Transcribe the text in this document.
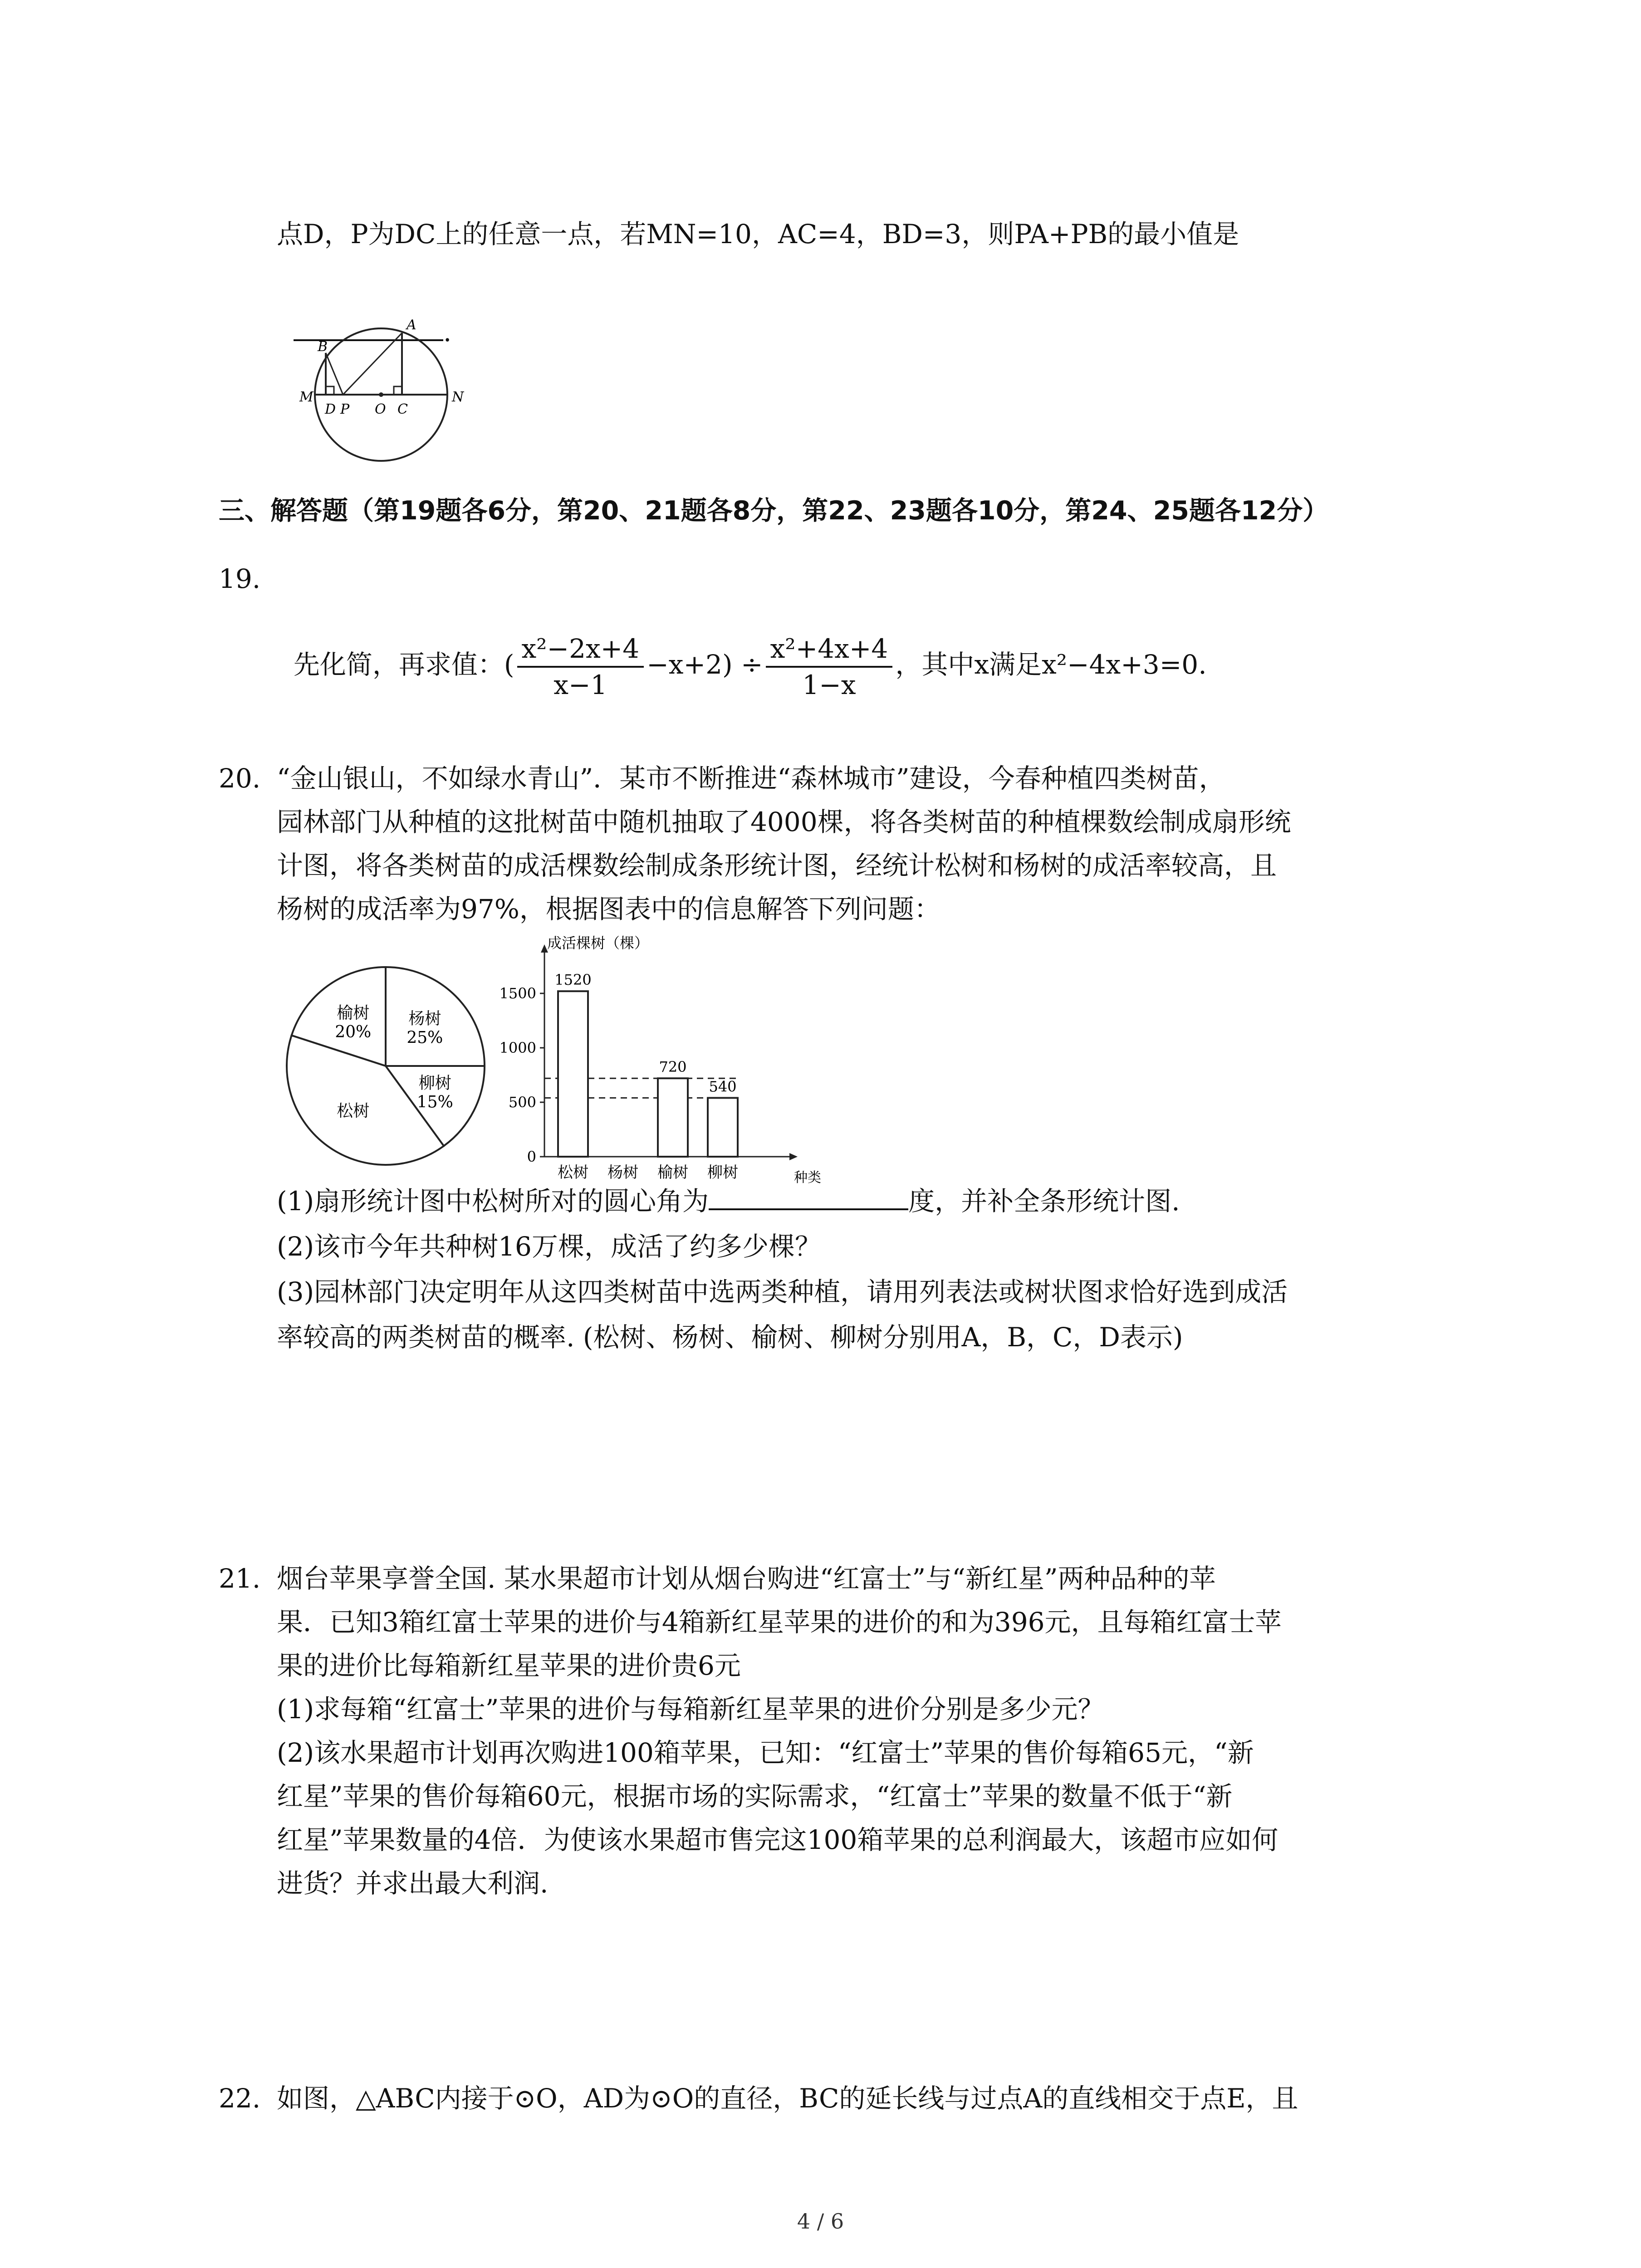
点D，P为DC上的任意一点，若MN=10，AC=4，BD=3，则PA+PB的最小值是

.

A
B
M
D P O C
N
三、解答题（第19题各6分，第20、21题各8分，第22、23题各10分，第24、25题各12分）
19.

先化简，再求值：( $\frac{\text{x²−2x+4}}{x-1} -x+2) \div \frac{\text{x²+4x+4}}{1-x}$ ，其中x满足x²−4x+3=0.

20. “金山银山，不如绿水青山”．某市不断推进“森林城市”建设，今春种植四类树苗，
园林部门从种植的这批树苗中随机抽取了4000棵，将各类树苗的种植棵数绘制成扇形统
计图，将各类树苗的成活棵数绘制成条形统计图，经统计松树和杨树的成活率较高，且
杨树的成活率为97%，根据图表中的信息解答下列问题：
榆树
20%
杨树
25%
柳树
15%
松树
成活棵树（棵）
种类
0
500
1000
1500
1520
松树 杨树
720
榆树
540
柳树
(1)扇形统计图中松树所对的圆心角为	度，并补全条形统计图.
(2)该市今年共种树16万棵，成活了约多少棵？
(3)园林部门决定明年从这四类树苗中选两类种植，请用列表法或树状图求恰好选到成活
率较高的两类树苗的概率. (松树、杨树、榆树、柳树分别用A，B，C，D表示)
21. 烟台苹果享誉全国. 某水果超市计划从烟台购进“红富士”与“新红星”两种品种的苹
果．已知3箱红富士苹果的进价与4箱新红星苹果的进价的和为396元，且每箱红富士苹
果的进价比每箱新红星苹果的进价贵6元
(1)求每箱“红富士”苹果的进价与每箱新红星苹果的进价分别是多少元？
(2)该水果超市计划再次购进100箱苹果，已知：“红富士”苹果的售价每箱65元，“新
红星”苹果的售价每箱60元，根据市场的实际需求，“红富士”苹果的数量不低于“新
红星”苹果数量的4倍．为使该水果超市售完这100箱苹果的总利润最大，该超市应如何
进货？并求出最大利润.
22. 如图，△ABC内接于⊙O，AD为⊙O的直径，BC的延长线与过点A的直线相交于点E，且
4 / 6
